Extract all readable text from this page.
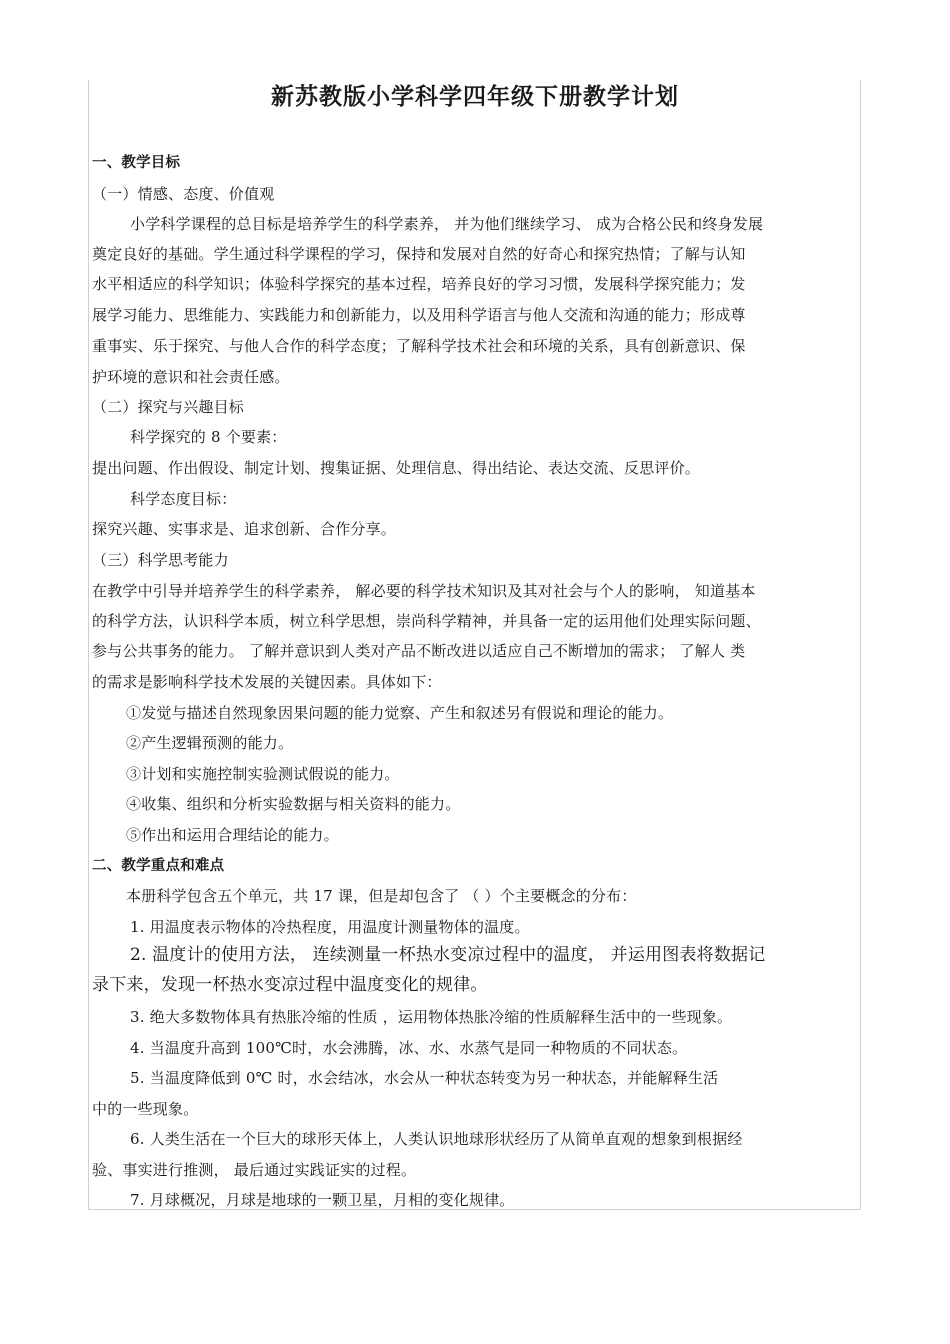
新苏教版小学科学四年级下册教学计划
一、教学目标
（一）情感、态度、价值观
小学科学课程的总目标是培养学生的科学素养， 并为他们继续学习、 成为合格公民和终身发展
奠定良好的基础。学生通过科学课程的学习，保持和发展对自然的好奇心和探究热情；了解与认知
水平相适应的科学知识；体验科学探究的基本过程，培养良好的学习习惯，发展科学探究能力；发
展学习能力、思维能力、实践能力和创新能力，以及用科学语言与他人交流和沟通的能力；形成尊
重事实、乐于探究、与他人合作的科学态度；了解科学技术社会和环境的关系，具有创新意识、保
护环境的意识和社会责任感。
（二）探究与兴趣目标
科学探究的 8 个要素：
提出问题、作出假设、制定计划、搜集证据、处理信息、得出结论、表达交流、反思评价。
科学态度目标：
探究兴趣、实事求是、追求创新、合作分享。
（三）科学思考能力
在教学中引导并培养学生的科学素养， 解必要的科学技术知识及其对社会与个人的影响， 知道基本
的科学方法，认识科学本质，树立科学思想，崇尚科学精神，并具备一定的运用他们处理实际问题、
参与公共事务的能力。 了解并意识到人类对产品不断改进以适应自己不断增加的需求； 了解人 类
的需求是影响科学技术发展的关键因素。具体如下：
①发觉与描述自然现象因果问题的能力觉察、产生和叙述另有假说和理论的能力。
②产生逻辑预测的能力。
③计划和实施控制实验测试假说的能力。
④收集、组织和分析实验数据与相关资料的能力。
⑤作出和运用合理结论的能力。
二、教学重点和难点
本册科学包含五个单元，共 17 课，但是却包含了 （ ）个主要概念的分布：
1. 用温度表示物体的冷热程度，用温度计测量物体的温度。
2. 温度计的使用方法， 连续测量一杯热水变凉过程中的温度， 并运用图表将数据记
录下来，发现一杯热水变凉过程中温度变化的规律。
3. 绝大多数物体具有热胀冷缩的性质 ，运用物体热胀冷缩的性质解释生活中的一些现象。
4. 当温度升高到 100℃时，水会沸腾，冰、水、水蒸气是同一种物质的不同状态。
5. 当温度降低到 0℃ 时，水会结冰，水会从一种状态转变为另一种状态，并能解释生活
中的一些现象。
6. 人类生活在一个巨大的球形天体上，人类认识地球形状经历了从简单直观的想象到根据经
验、事实进行推测， 最后通过实践证实的过程。
7. 月球概况，月球是地球的一颗卫星，月相的变化规律。
